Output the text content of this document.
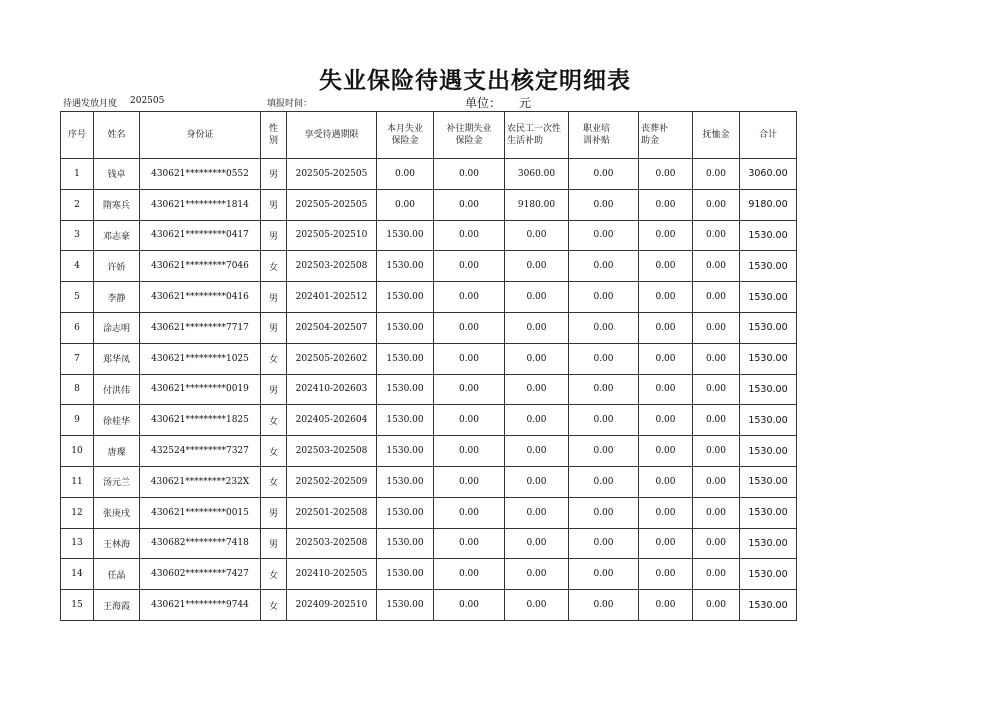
失业保险待遇支出核定明细表
待遇发放月度 202505	填报时间：	单位： 元
序号	姓名	身份证	性别	享受待遇期限	本月失业保险金	补往期失业保险金	农民工一次性生活补助	职业培训补贴	丧葬补助金	抚恤金	合计
1	钱卓	430621*********0552	男	202505-202505	0.00	0.00	3060.00	0.00	0.00	0.00	3060.00
2	隋寒兵	430621*********1814	男	202505-202505	0.00	0.00	9180.00	0.00	0.00	0.00	9180.00
3	邓志豪	430621*********0417	男	202505-202510	1530.00	0.00	0.00	0.00	0.00	0.00	1530.00
4	许娇	430621*********7046	女	202503-202508	1530.00	0.00	0.00	0.00	0.00	0.00	1530.00
5	李静	430621*********0416	男	202401-202512	1530.00	0.00	0.00	0.00	0.00	0.00	1530.00
6	涂志明	430621*********7717	男	202504-202507	1530.00	0.00	0.00	0.00	0.00	0.00	1530.00
7	郑华凤	430621*********1025	女	202505-202602	1530.00	0.00	0.00	0.00	0.00	0.00	1530.00
8	付洪伟	430621*********0019	男	202410-202603	1530.00	0.00	0.00	0.00	0.00	0.00	1530.00
9	徐桂华	430621*********1825	女	202405-202604	1530.00	0.00	0.00	0.00	0.00	0.00	1530.00
10	唐璨	432524*********7327	女	202503-202508	1530.00	0.00	0.00	0.00	0.00	0.00	1530.00
11	汤元兰	430621*********232X	女	202502-202509	1530.00	0.00	0.00	0.00	0.00	0.00	1530.00
12	张庚戌	430621*********0015	男	202501-202508	1530.00	0.00	0.00	0.00	0.00	0.00	1530.00
13	王林海	430682*********7418	男	202503-202508	1530.00	0.00	0.00	0.00	0.00	0.00	1530.00
14	任晶	430602*********7427	女	202410-202505	1530.00	0.00	0.00	0.00	0.00	0.00	1530.00
15	王海霞	430621*********9744	女	202409-202510	1530.00	0.00	0.00	0.00	0.00	0.00	1530.00
